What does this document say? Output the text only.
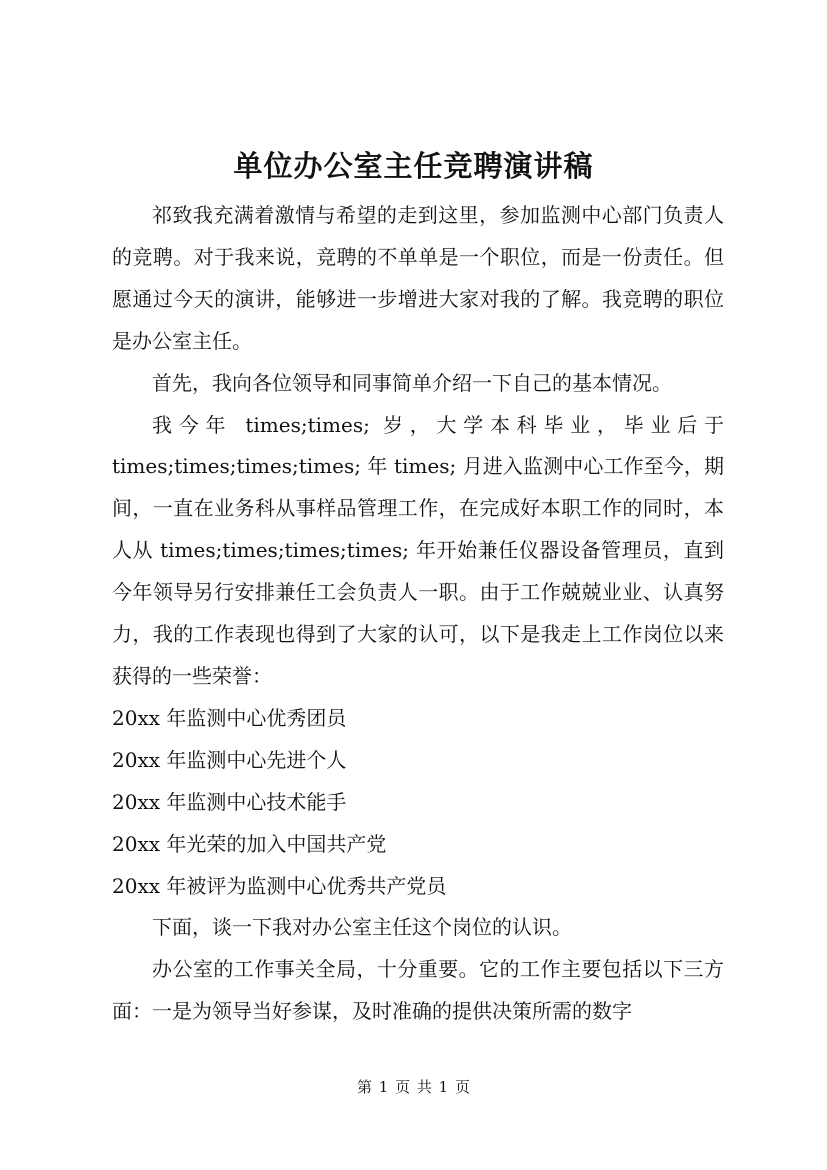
单位办公室主任竞聘演讲稿

祁致我充满着激情与希望的走到这里，参加监测中心部门负责人的竞聘。对于我来说，竞聘的不单单是一个职位，而是一份责任。但愿通过今天的演讲，能够进一步增进大家对我的了解。我竞聘的职位是办公室主任。

首先，我向各位领导和同事简单介绍一下自己的基本情况。

我今年 times;times; 岁，大学本科毕业，毕业后于 times;times;times;times; 年 times; 月进入监测中心工作至今，期间，一直在业务科从事样品管理工作，在完成好本职工作的同时，本人从 times;times;times;times; 年开始兼任仪器设备管理员，直到今年领导另行安排兼任工会负责人一职。由于工作兢兢业业、认真努力，我的工作表现也得到了大家的认可，以下是我走上工作岗位以来获得的一些荣誉：

20xx 年监测中心优秀团员

20xx 年监测中心先进个人

20xx 年监测中心技术能手

20xx 年光荣的加入中国共产党

20xx 年被评为监测中心优秀共产党员

下面，谈一下我对办公室主任这个岗位的认识。

办公室的工作事关全局，十分重要。它的工作主要包括以下三方面：一是为领导当好参谋，及时准确的提供决策所需的数字

第 1 页 共 1 页
